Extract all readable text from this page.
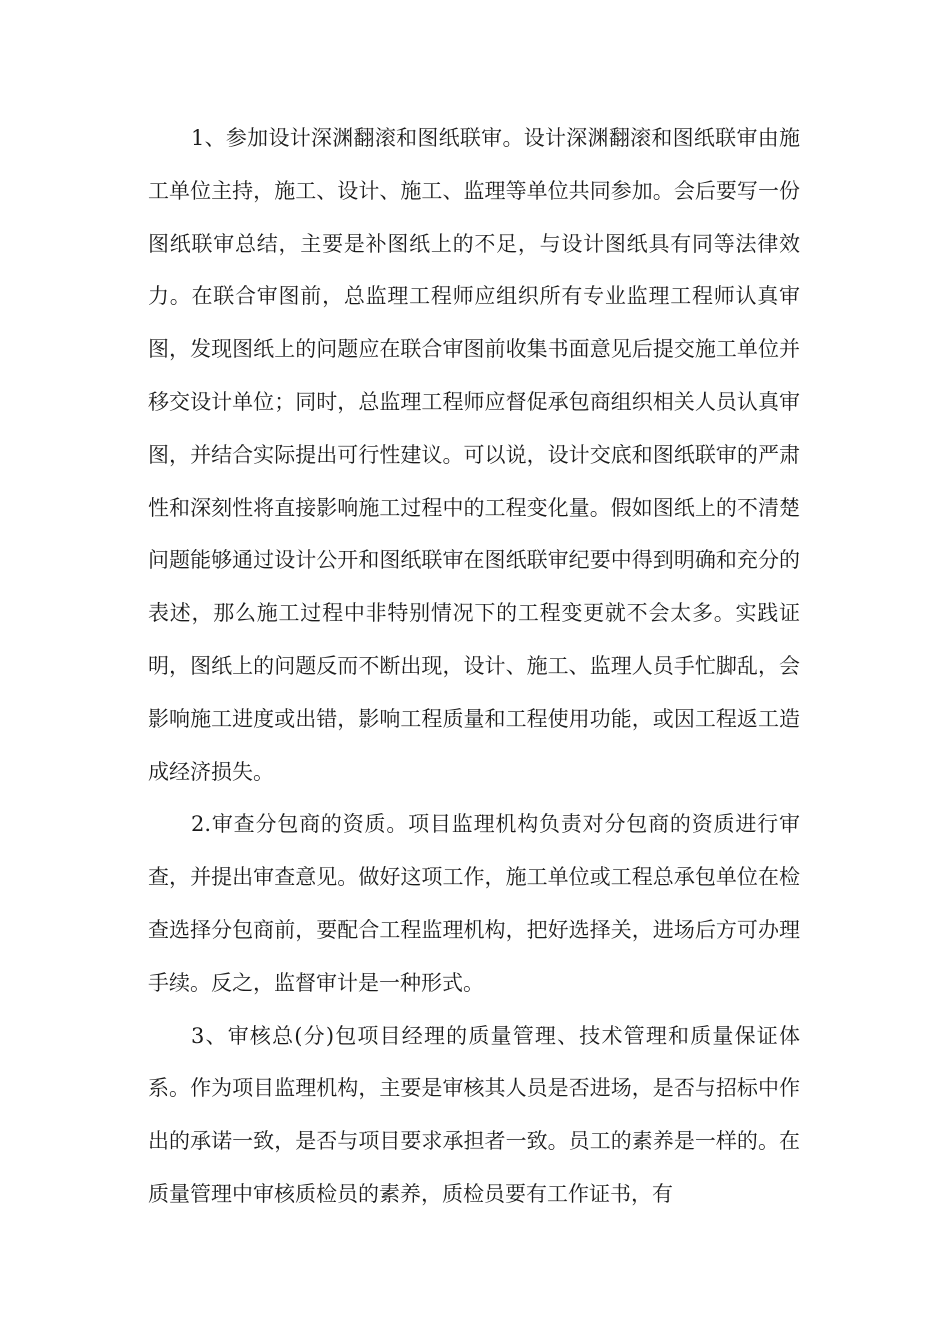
1、参加设计深渊翻滚和图纸联审。设计深渊翻滚和图纸联审由施工单位主持，施工、设计、施工、监理等单位共同参加。会后要写一份图纸联审总结，主要是补图纸上的不足，与设计图纸具有同等法律效力。在联合审图前，总监理工程师应组织所有专业监理工程师认真审图，发现图纸上的问题应在联合审图前收集书面意见后提交施工单位并移交设计单位；同时，总监理工程师应督促承包商组织相关人员认真审图，并结合实际提出可行性建议。可以说，设计交底和图纸联审的严肃性和深刻性将直接影响施工过程中的工程变化量。假如图纸上的不清楚问题能够通过设计公开和图纸联审在图纸联审纪要中得到明确和充分的表述，那么施工过程中非特别情况下的工程变更就不会太多。实践证明，图纸上的问题反而不断出现，设计、施工、监理人员手忙脚乱，会影响施工进度或出错，影响工程质量和工程使用功能，或因工程返工造成经济损失。

2.审查分包商的资质。项目监理机构负责对分包商的资质进行审查，并提出审查意见。做好这项工作，施工单位或工程总承包单位在检查选择分包商前，要配合工程监理机构，把好选择关，进场后方可办理手续。反之，监督审计是一种形式。

3、审核总(分)包项目经理的质量管理、技术管理和质量保证体系。作为项目监理机构，主要是审核其人员是否进场，是否与招标中作出的承诺一致，是否与项目要求承担者一致。员工的素养是一样的。在质量管理中审核质检员的素养，质检员要有工作证书，有
